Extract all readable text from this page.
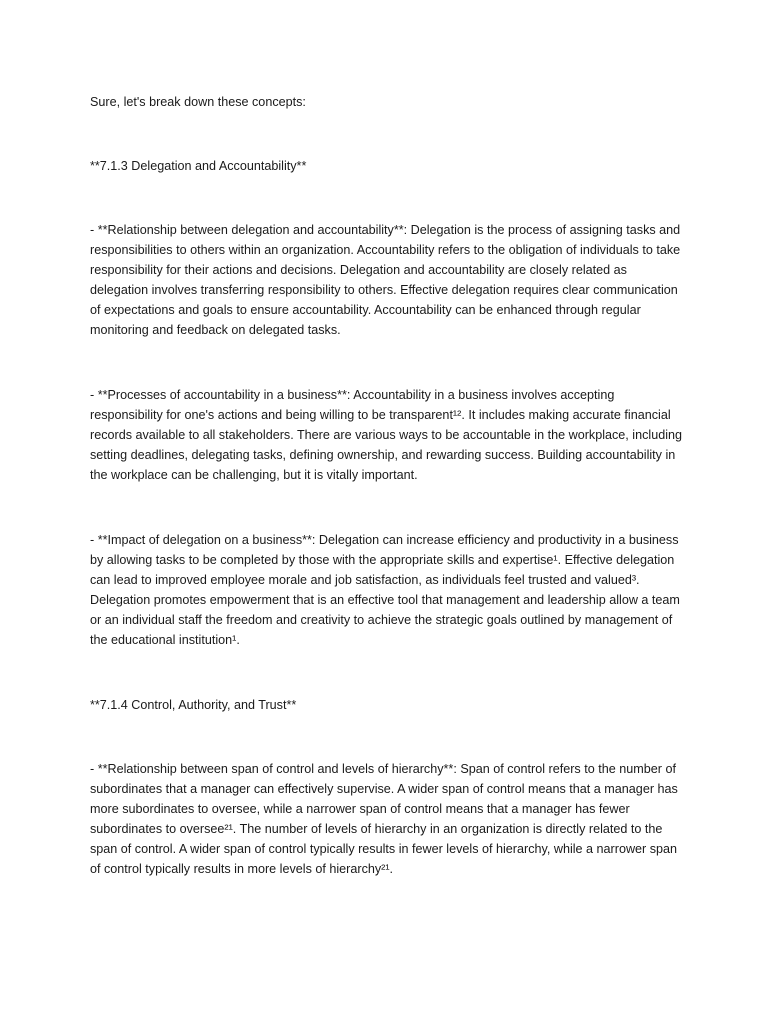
Sure, let's break down these concepts:

**7.1.3 Delegation and Accountability**

- **Relationship between delegation and accountability**: Delegation is the process of assigning tasks and responsibilities to others within an organization. Accountability refers to the obligation of individuals to take responsibility for their actions and decisions. Delegation and accountability are closely related as delegation involves transferring responsibility to others. Effective delegation requires clear communication of expectations and goals to ensure accountability. Accountability can be enhanced through regular monitoring and feedback on delegated tasks.

- **Processes of accountability in a business**: Accountability in a business involves accepting responsibility for one's actions and being willing to be transparent¹². It includes making accurate financial records available to all stakeholders. There are various ways to be accountable in the workplace, including setting deadlines, delegating tasks, defining ownership, and rewarding success. Building accountability in the workplace can be challenging, but it is vitally important.

- **Impact of delegation on a business**: Delegation can increase efficiency and productivity in a business by allowing tasks to be completed by those with the appropriate skills and expertise¹. Effective delegation can lead to improved employee morale and job satisfaction, as individuals feel trusted and valued³. Delegation promotes empowerment that is an effective tool that management and leadership allow a team or an individual staff the freedom and creativity to achieve the strategic goals outlined by management of the educational institution¹.

**7.1.4 Control, Authority, and Trust**

- **Relationship between span of control and levels of hierarchy**: Span of control refers to the number of subordinates that a manager can effectively supervise. A wider span of control means that a manager has more subordinates to oversee, while a narrower span of control means that a manager has fewer subordinates to oversee²¹. The number of levels of hierarchy in an organization is directly related to the span of control. A wider span of control typically results in fewer levels of hierarchy, while a narrower span of control typically results in more levels of hierarchy²¹.
